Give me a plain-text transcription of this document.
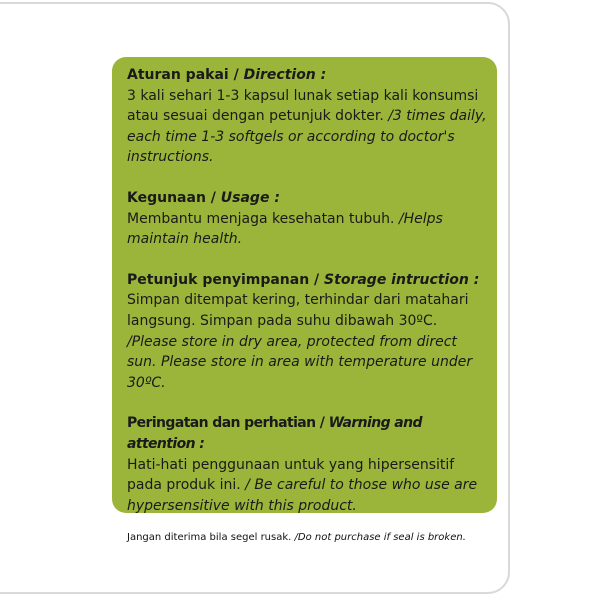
Aturan pakai / Direction :
3 kali sehari 1-3 kapsul lunak setiap kali konsumsi atau sesuai dengan petunjuk dokter. /3 times daily, each time 1-3 softgels or according to doctor's instructions.
Kegunaan / Usage :
Membantu menjaga kesehatan tubuh. /Helps maintain health.
Petunjuk penyimpanan / Storage intruction :
Simpan ditempat kering, terhindar dari matahari langsung. Simpan pada suhu dibawah 30ºC. /Please store in dry area, protected from direct sun. Please store in area with temperature under 30ºC.
Peringatan dan perhatian / Warning and attention :
Hati-hati penggunaan untuk yang hipersensitif pada produk ini. / Be careful to those who use are hypersensitive with this product.
Jangan diterima bila segel rusak. /Do not purchase if seal is broken.
